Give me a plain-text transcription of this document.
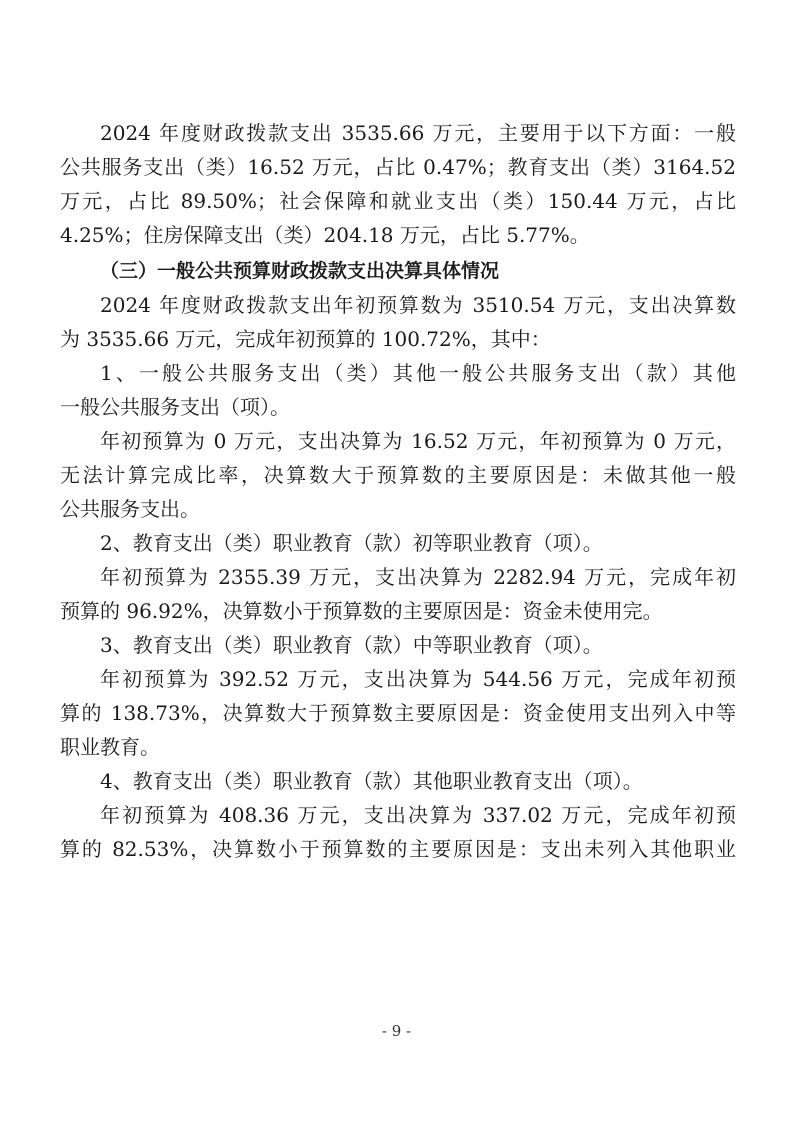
2024 年度财政拨款支出 3535.66 万元，主要用于以下方面：一般
公共服务支出（类）16.52 万元，占比 0.47%；教育支出（类）3164.52
万元，占比 89.50%；社会保障和就业支出（类）150.44 万元，占比
4.25%；住房保障支出（类）204.18 万元，占比 5.77%。
（三）一般公共预算财政拨款支出决算具体情况
2024 年度财政拨款支出年初预算数为 3510.54 万元，支出决算数
为 3535.66 万元，完成年初预算的 100.72%，其中：
1、一般公共服务支出（类）其他一般公共服务支出（款）其他
一般公共服务支出（项）。
年初预算为 0 万元，支出决算为 16.52 万元，年初预算为 0 万元，
无法计算完成比率，决算数大于预算数的主要原因是：未做其他一般
公共服务支出。
2、教育支出（类）职业教育（款）初等职业教育（项）。
年初预算为 2355.39 万元，支出决算为 2282.94 万元，完成年初
预算的 96.92%，决算数小于预算数的主要原因是：资金未使用完。
3、教育支出（类）职业教育（款）中等职业教育（项）。
年初预算为 392.52 万元，支出决算为 544.56 万元，完成年初预
算的 138.73%，决算数大于预算数主要原因是：资金使用支出列入中等
职业教育。
4、教育支出（类）职业教育（款）其他职业教育支出（项）。
年初预算为 408.36 万元，支出决算为 337.02 万元，完成年初预
算的 82.53%，决算数小于预算数的主要原因是：支出未列入其他职业
- 9 -
